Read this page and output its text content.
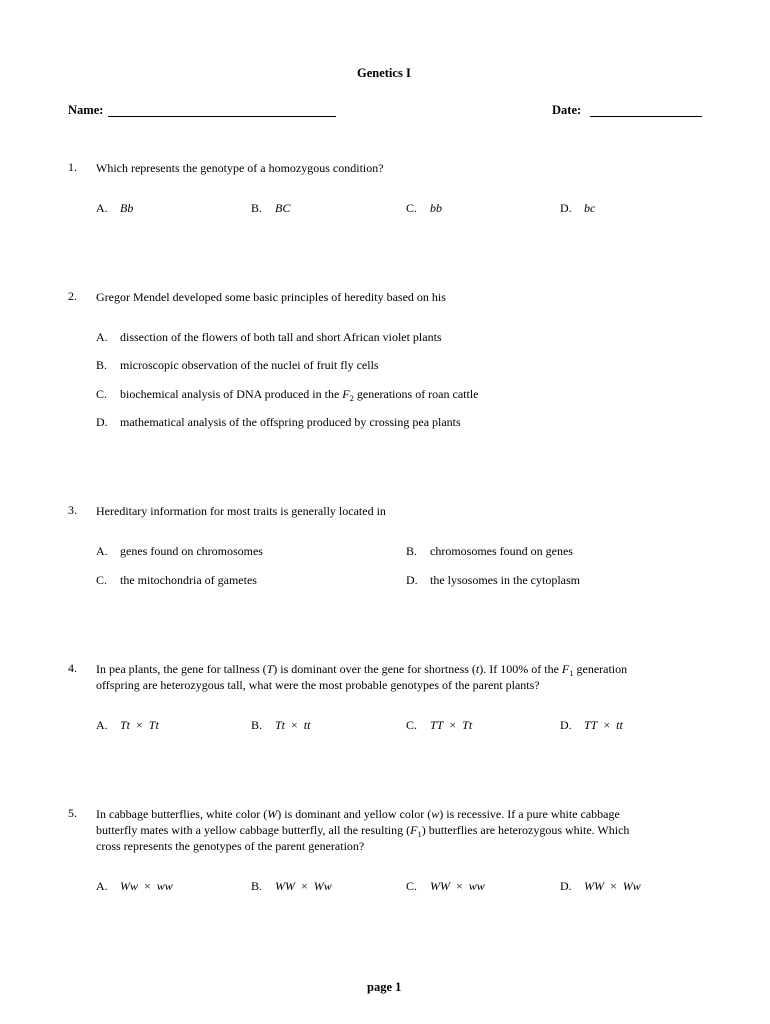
Genetics I
Name:	Date:
1. Which represents the genotype of a homozygous condition?
A. Bb	B. BC	C. bb	D. bc
2. Gregor Mendel developed some basic principles of heredity based on his
A. dissection of the flowers of both tall and short African violet plants
B. microscopic observation of the nuclei of fruit fly cells
C. biochemical analysis of DNA produced in the $F_2$ generations of roan cattle
D. mathematical analysis of the offspring produced by crossing pea plants
3. Hereditary information for most traits is generally located in
A. genes found on chromosomes	B. chromosomes found on genes
C. the mitochondria of gametes	D. the lysosomes in the cytoplasm
4. In pea plants, the gene for tallness (T) is dominant over the gene for shortness (t). If 100% of the $F_1$ generation
offspring are heterozygous tall, what were the most probable genotypes of the parent plants?
A. Tt × Tt	B. Tt × tt	C. TT × Tt	D. TT × tt
5. In cabbage butterflies, white color (W) is dominant and yellow color (w) is recessive. If a pure white cabbage
butterfly mates with a yellow cabbage butterfly, all the resulting $(F_1)$ butterflies are heterozygous white. Which
cross represents the genotypes of the parent generation?
A. Ww × ww	B. WW × Ww	C. WW × ww	D. WW × Ww
page 1
